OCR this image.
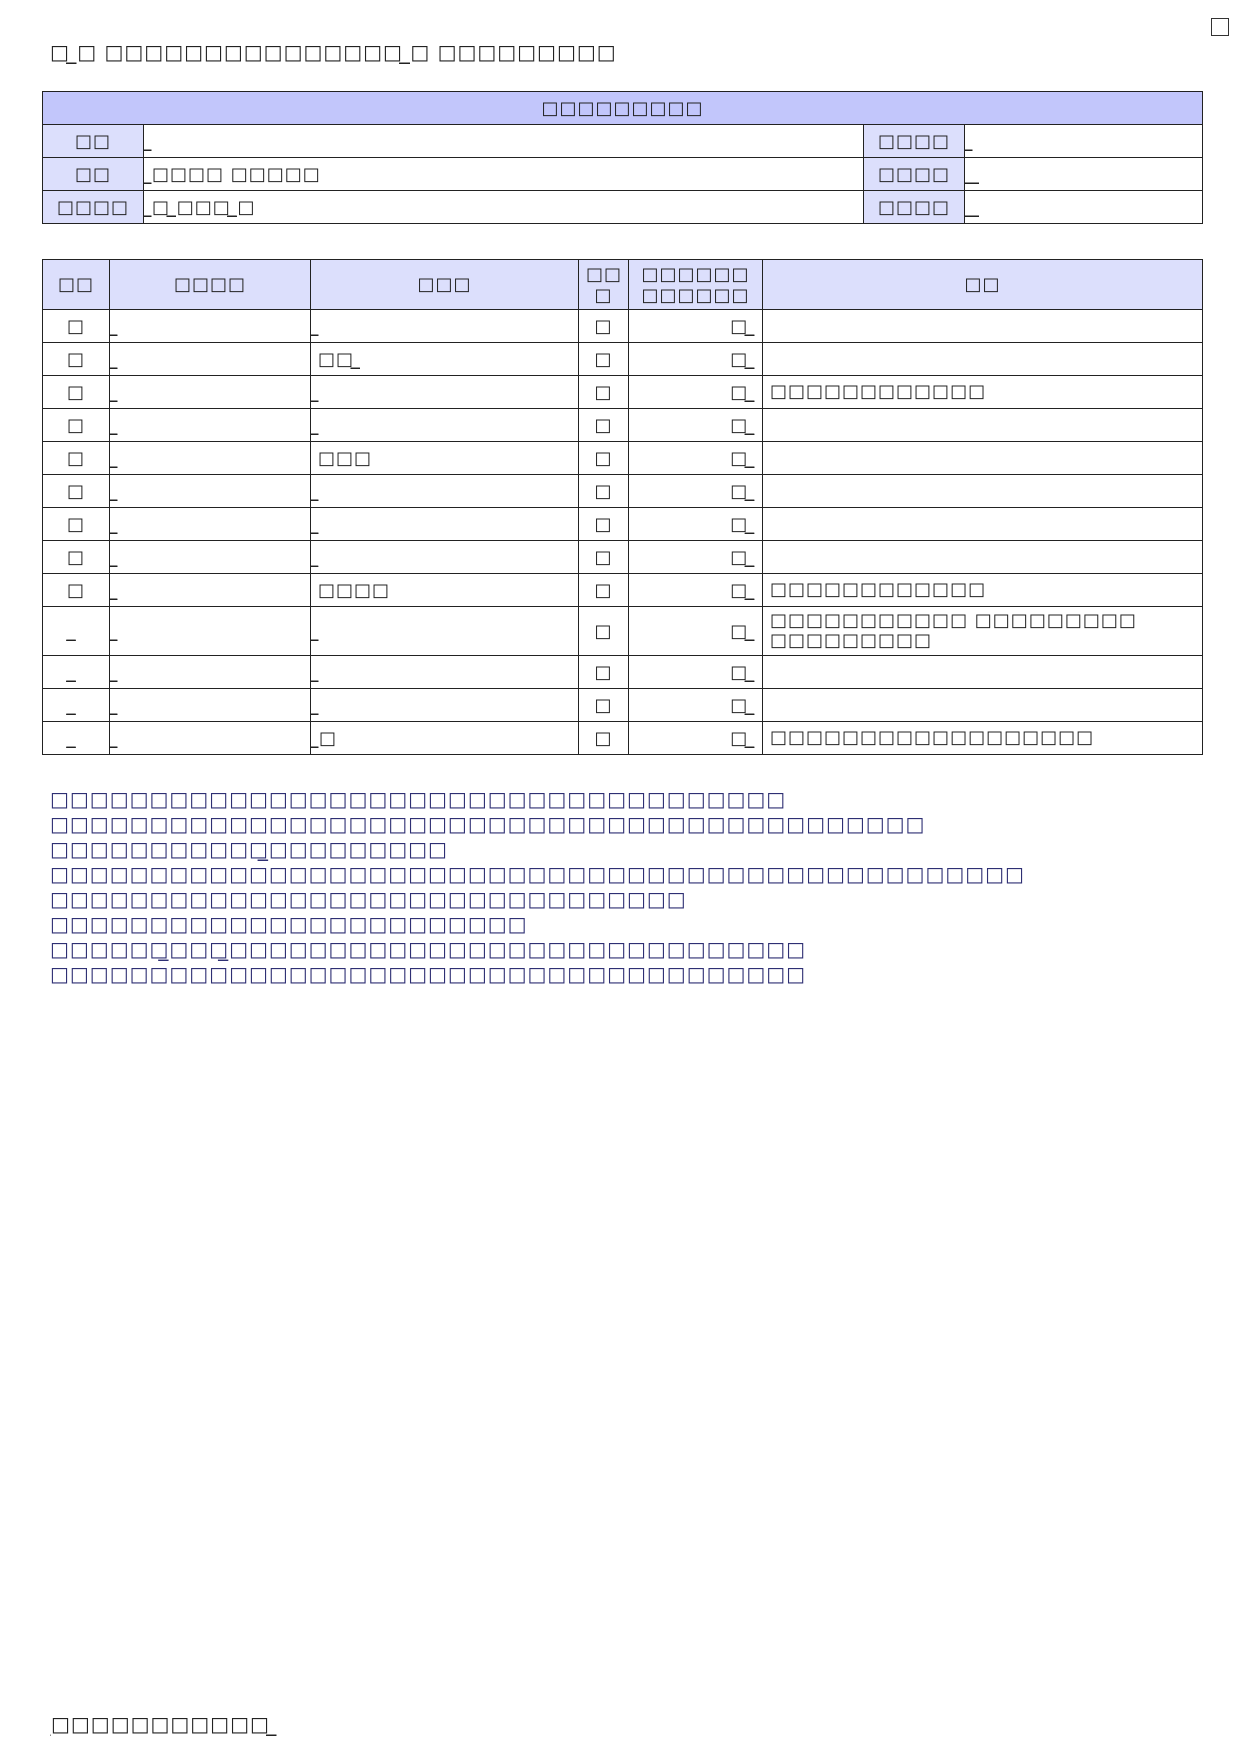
□ ̲̲̲̲̲̲̲̲̲̲̲̲̲̲□ □□□□□□□□□□□□□□□ ̲̲̲̲̲̲̲̲̲̲̲̲̲̲̲̲̲̲̲̲̲̲̲̲̲̲̲̲̲̲̲̲̲̲̲̲̲̲□ □□□□□□□□□
□□□□□□□□□			
□□	̲̲̲̲̲̲̲̲̲̲̲̲̲̲̲̲̲̲	□□□□	̲̲̲̲̲̲̲̲̲̲̲̲̲̲̲̲̲̲̲̲̲̲̲
□□	̲̲̲̲̲̲̲̲̲̲̲̲̲̲□□□□ □□□□□	□□□□	̲̲̲̲̲̲̲̲̲̲̲ ̲̲̲̲̲̲̲̲̲̲
□□□□	̲̲̲̲̲̲̲̲̲̲̲̲̲̲̲̲̲̲̲̲̲̲̲□ ̲̲̲̲̲̲̲̲̲̲̲̲̲̲̲̲̲̲̲□□□ ̲̲̲̲̲̲□	□□□□	̲̲̲̲̲̲̲̲̲̲̲ ̲̲̲̲̲̲̲̲̲̲
□□	□□□□	□□□	□□ □	□□□□□□ □□□□□□	□□
□	̲̲̲̲̲̲̲̲̲	̲̲̲̲̲̲̲̲̲̲̲̲̲̲̲	□	□ ̲̲̲̲̲̲̲̲̲	
□	̲̲̲̲̲̲̲̲̲̲	□□ ̲̲̲̲	□	□ ̲̲̲̲̲̲̲̲̲	
□	̲̲̲̲̲̲̲̲̲̲̲̲̲̲	̲̲̲̲̲̲̲̲̲̲̲̲̲̲̲̲̲̲̲̲̲̲̲̲̲̲̲	□	□ ̲̲̲̲̲̲̲̲̲	□□□□□□□□□□□□
□	̲̲̲̲̲̲̲̲̲̲	̲̲̲̲̲̲̲̲̲̲̲̲̲̲̲	□	□ ̲̲̲̲̲	
□	̲̲̲̲̲̲̲̲̲̲̲̲̲̲	□□□	□	□ ̲̲̲̲̲̲̲̲̲	
□	̲̲̲̲̲̲̲̲̲̲	̲̲̲̲̲̲̲̲̲	□	□ ̲̲̲̲̲	
□	̲̲̲̲̲̲̲̲̲̲̲̲̲̲̲̲	̲̲̲̲̲̲̲̲	□	□ ̲̲̲	
□	̲̲̲̲̲̲̲̲̲̲	̲̲̲	□	□ ̲̲̲̲̲	
□	̲̲̲̲̲̲̲	□□□□	□	□ ̲̲̲̲̲	□□□□□□□□□□□□
̲̲̲	̲̲̲̲̲̲̲̲̲	̲̲̲̲̲̲̲̲̲̲̲̲̲̲̲̲	□	□ ̲̲̲̲̲̲̲̲̲	□□□□□□□□□□□ □□□□□□□□□ □□□□□□□□□
̲̲̲̲̲	̲̲̲̲̲̲̲̲̲̲̲̲̲̲̲̲̲̲̲̲	̲̲̲̲̲̲̲̲̲̲̲̲̲	□	□ ̲̲̲̲̲	
̲̲̲	̲̲̲̲̲̲̲̲	̲̲̲̲̲̲̲̲̲̲̲̲̲̲̲̲̲̲̲̲̲̲̲̲	□	□ ̲̲̲̲̲	
̲̲̲	̲̲̲̲̲̲̲̲̲̲̲	̲̲̲̲̲̲̲̲̲̲̲̲̲□	□	□ ̲̲̲̲̲	□□□□□□□□□□□□□□□□□□
□□□□□□□□□□□□□□□□□□□□□□□□□□□□□□□□□□□□□
□□□□□□□□□□□□□□□□□□□□□□□□□□□□□□□□□□□□□□□□□□□□
□□□□□□□□□□□̲̲□□□□□□□□□
□□□□□□□□□□□□□□□□□□□□□□□□□□□□□□□□□□□□□□□□□□□□□□□□□
□□□□□□□□□□□□□□□□□□□□□□□□□□□□□□□□
□□□□□□□□□□□□□□□□□□□□□□□□
□□□□□□̲□□□̲□□□□□□□□□□□□□□□□□□□□□□□□□□□□□
□□□□□□□□□□□□□□□□□□□□□□□□□□□□□□□□□□□□□□
̲̲̲̲̲̲̲̲̲̲̲̲̲̲̲̲̲̲̲̲̲̲̲̲̲̲̲̲̲̲̲̲̲̲̲̲̲̲̲̲̲̲̲̲̲̲̲̲̲̲̲̲̲□□□□□□□□□□□ ̲̲̲̲̲̲̲̲̲̲̲̲̲̲̲̲̲̲̲̲̲̲̲̲̲̲̲̲̲̲̲̲̲̲̲̲̲̲̲̲̲̲̲̲̲̲̲̲̲̲̲̲̲̲̲̲̲̲̲̲̲̲
